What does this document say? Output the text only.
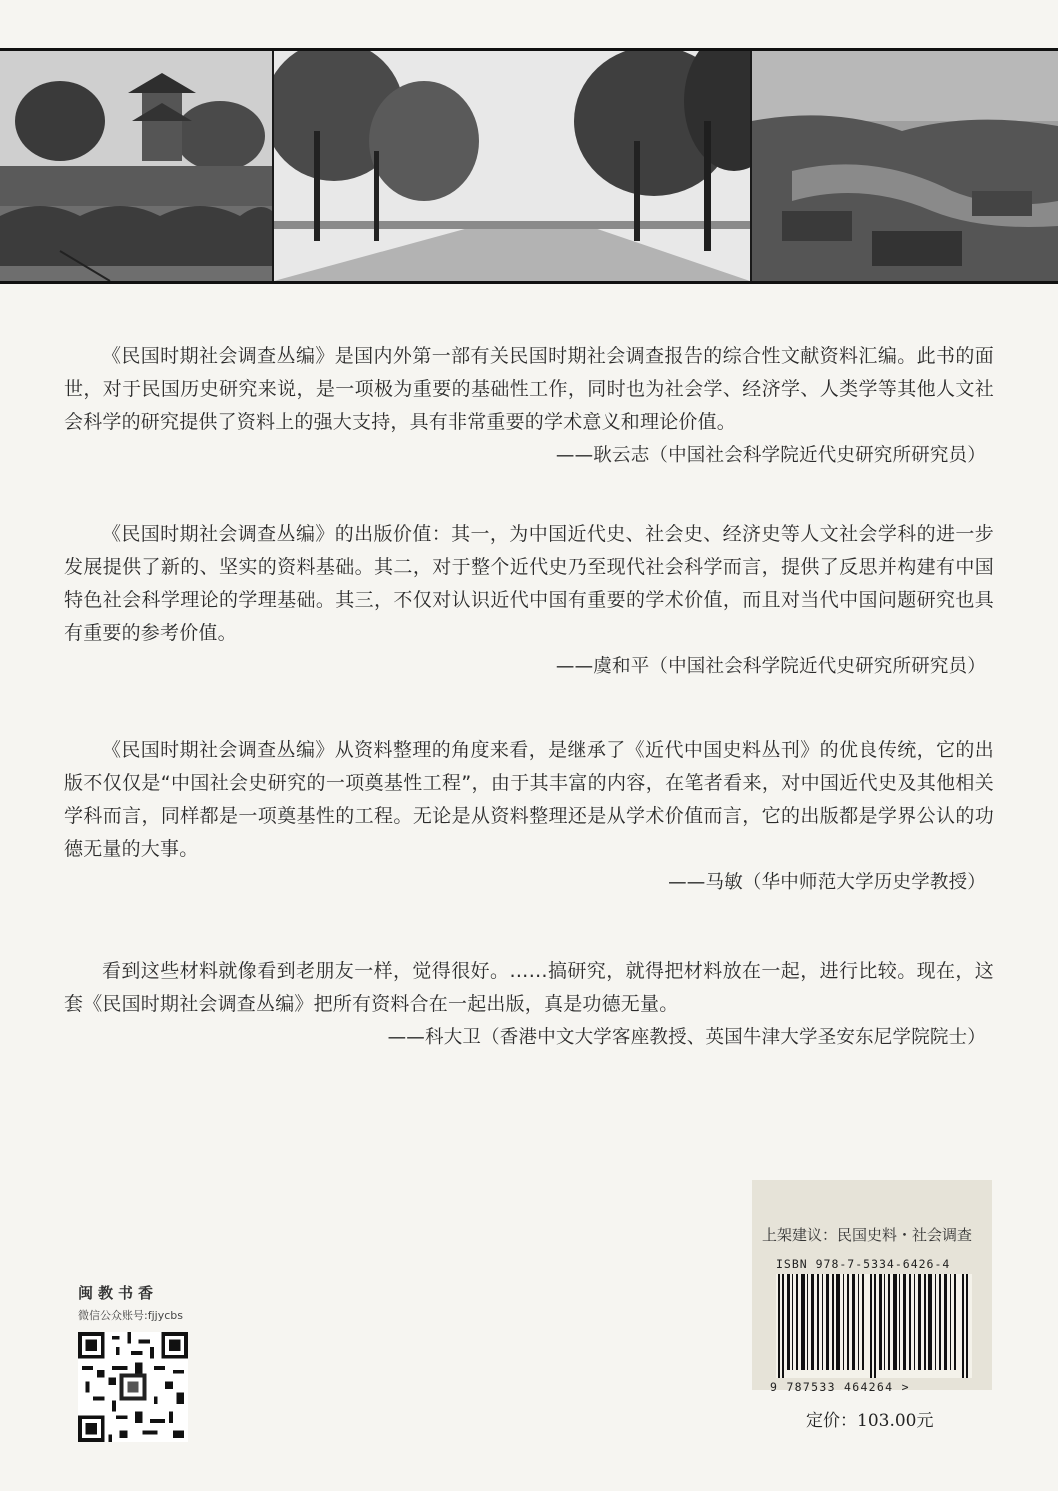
《民国时期社会调查丛编》是国内外第一部有关民国时期社会调查报告的综合性文献资料汇编。此书的面世，对于民国历史研究来说，是一项极为重要的基础性工作，同时也为社会学、经济学、人类学等其他人文社会科学的研究提供了资料上的强大支持，具有非常重要的学术意义和理论价值。

——耿云志（中国社会科学院近代史研究所研究员）

《民国时期社会调查丛编》的出版价值：其一，为中国近代史、社会史、经济史等人文社会学科的进一步发展提供了新的、坚实的资料基础。其二，对于整个近代史乃至现代社会科学而言，提供了反思并构建有中国特色社会科学理论的学理基础。其三，不仅对认识近代中国有重要的学术价值，而且对当代中国问题研究也具有重要的参考价值。

——虞和平（中国社会科学院近代史研究所研究员）

《民国时期社会调查丛编》从资料整理的角度来看，是继承了《近代中国史料丛刊》的优良传统，它的出版不仅仅是“中国社会史研究的一项奠基性工程”，由于其丰富的内容，在笔者看来，对中国近代史及其他相关学科而言，同样都是一项奠基性的工程。无论是从资料整理还是从学术价值而言，它的出版都是学界公认的功德无量的大事。

——马敏（华中师范大学历史学教授）

看到这些材料就像看到老朋友一样，觉得很好。……搞研究，就得把材料放在一起，进行比较。现在，这套《民国时期社会调查丛编》把所有资料合在一起出版，真是功德无量。

——科大卫（香港中文大学客座教授、英国牛津大学圣安东尼学院院士）
闽教书香
微信公众账号:fjjycbs
上架建议：民国史料・社会调查
ISBN 978-7-5334-6426-4
9 787533 464264 >
定价：103.00元
